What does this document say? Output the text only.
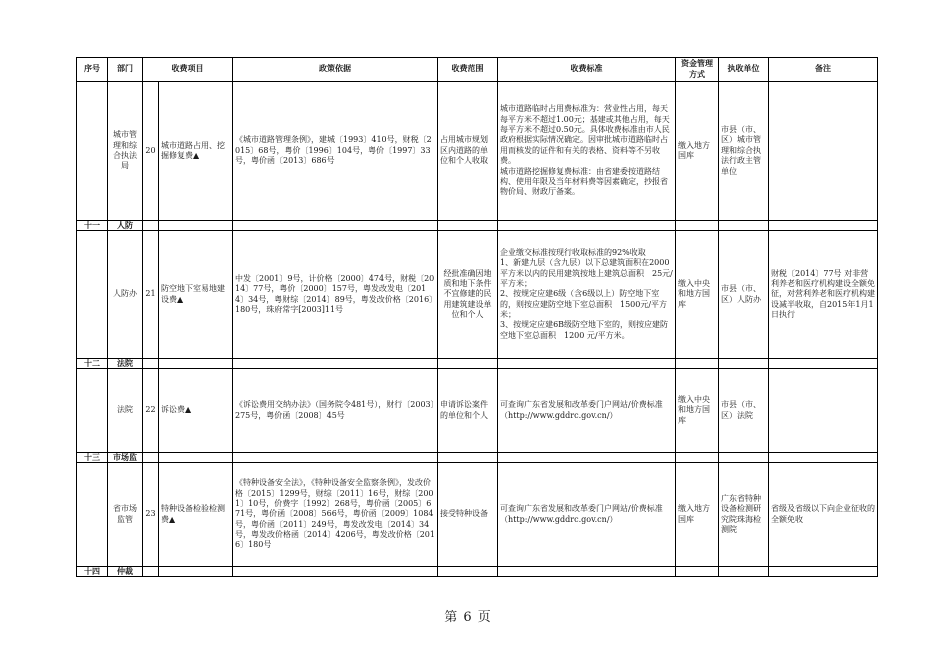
序号	部门	收费项目		政策依据	收费范围	收费标准	资金管理方式	执收单位	备注
	城市管理和综合执法局	20	城市道路占用、挖掘修复费▲	《城市道路管理条例》，建城〔1993〕410号，财税〔2015〕68号，粤价〔1996〕104号，粤价〔1997〕33号，粤价函〔2013〕686号	占用城市规划区内道路的单位和个人收取	城市道路临时占用费标准为：营业性占用，每天每平方米不超过1.00元；基建或其他占用，每天每平方米不超过0.50元。具体收费标准由市人民政府根据实际情况确定。因审批城市道路临时占用而核发的证件和有关的表格、资料等不另收费。
城市道路挖掘修复费标准：由省建委按道路结构、使用年限及当年材料费等因素确定，抄报省物价局、财政厅备案。	缴入地方国库	市县（市、区）城市管理和综合执法行政主管单位	
十一	人防								
	人防办	21	防空地下室易地建设费▲	中发〔2001〕9号，计价格〔2000〕474号，财税〔2014〕77号，粤价〔2000〕157号，粤发改发电〔2014〕34号，粤财综〔2014〕89号，粤发改价格〔2016〕180号，珠府常字[2003]11号	经批准确因地质和地下条件不宜修建的民用建筑建设单位和个人	企业缴交标准按现行收取标准的92%收取
1、新建九层（含九层）以下总建筑面积在2000平方米以内的民用建筑按地上建筑总面积　25元/平方米；
2、按规定应建6级（含6级以上）防空地下室的，则按应建防空地下室总面积　1500元/平方米；
3、按规定应建6B级防空地下室的，则按应建防空地下室总面积　1200 元/平方米。	缴入中央和地方国库	市县（市、区）人防办	财税〔2014〕77号 对非营利养老和医疗机构建设全额免征，对营利养老和医疗机构建设减半收取，自2015年1月1日执行
十二	法院								
	法院	22	诉讼费▲	《诉讼费用交纳办法》（国务院令481号），财行〔2003〕275号，粤价函〔2008〕45号	申请诉讼案件的单位和个人	可查询广东省发展和改革委门户网站/价费标准（http://www.gddrc.gov.cn/）	缴入中央和地方国库	市县（市、区）法院	
十三	市场监								
	省市场监管	23	特种设备检验检测费▲	《特种设备安全法》，《特种设备安全监察条例》，发改价格〔2015〕1299号，财综〔2011〕16号，财综〔2001〕10号，价费字〔1992〕268号，粤价函〔2005〕671号，粤价函〔2008〕566号，粤价函〔2009〕1084号，粤价函〔2011〕249号，粤发改发电〔2014〕34号，粤发改价格函〔2014〕4206号，粤发改价格〔2016〕180号	接受特种设备	可查询广东省发展和改革委门户网站/价费标准（http://www.gddrc.gov.cn/）	缴入地方国库	广东省特种设备检测研究院珠海检测院	省级及省级以下向企业征收的全额免收
十四	仲裁								
第 6 页
